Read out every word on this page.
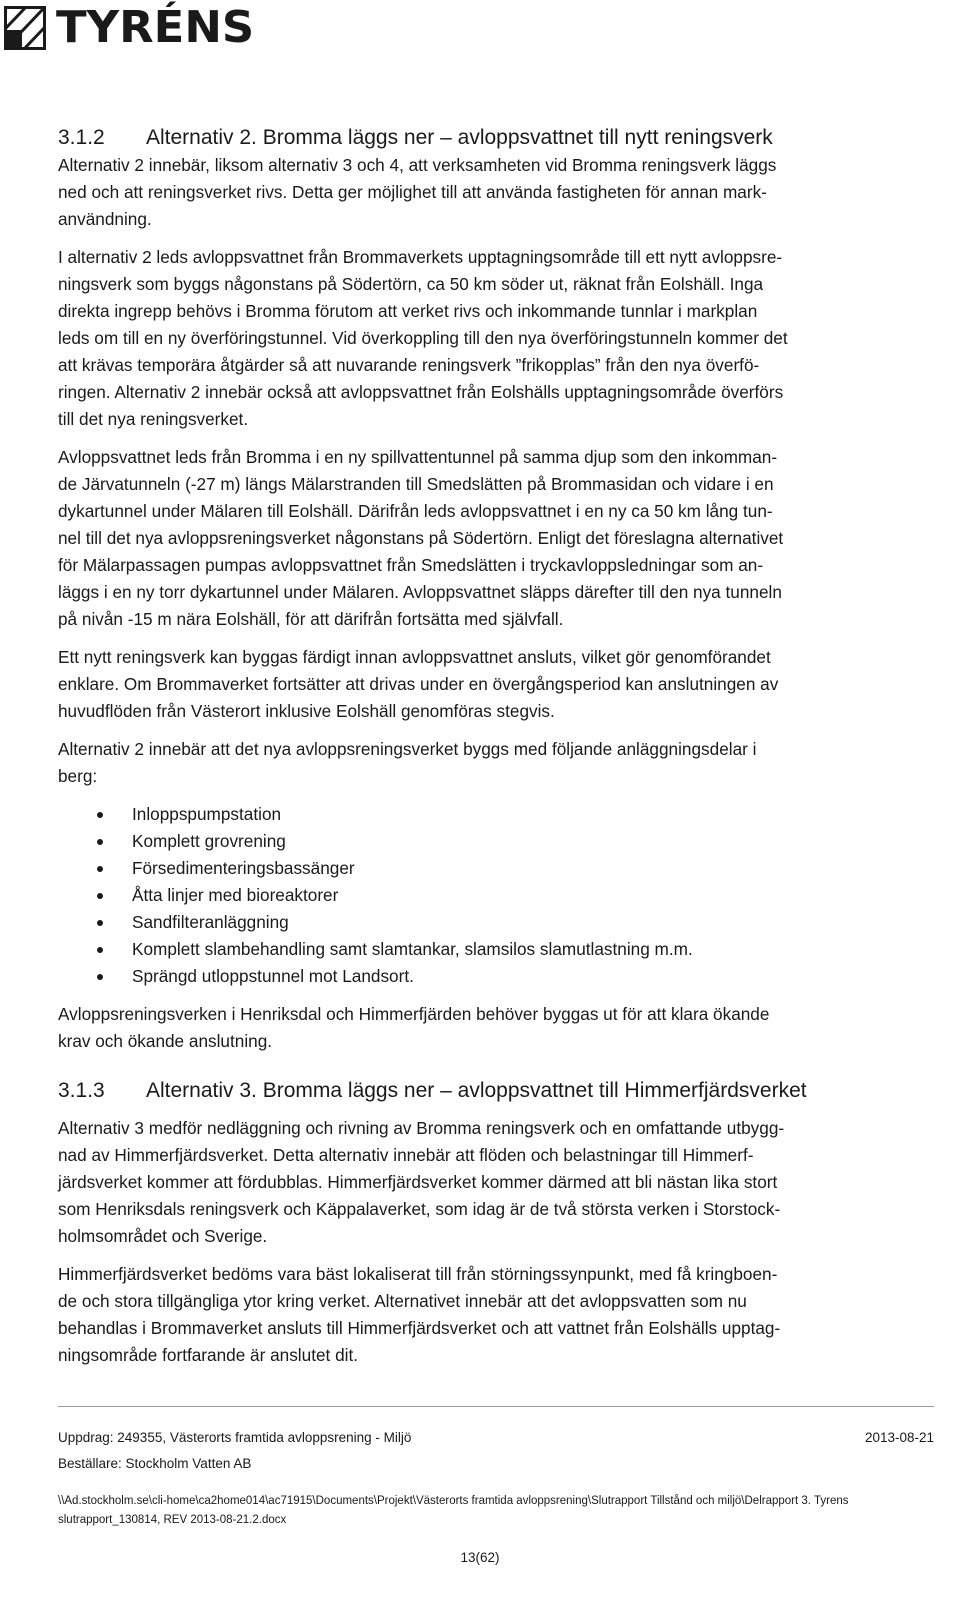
TYRÉNS
3.1.2 Alternativ 2. Bromma läggs ner – avloppsvattnet till nytt reningsverk

Alternativ 2 innebär, liksom alternativ 3 och 4, att verksamheten vid Bromma reningsverk läggs
ned och att reningsverket rivs. Detta ger möjlighet till att använda fastigheten för annan mark-
användning.

I alternativ 2 leds avloppsvattnet från Brommaverkets upptagningsområde till ett nytt avloppsre-
ningsverk som byggs någonstans på Södertörn, ca 50 km söder ut, räknat från Eolshäll. Inga
direkta ingrepp behövs i Bromma förutom att verket rivs och inkommande tunnlar i markplan
leds om till en ny överföringstunnel. Vid överkoppling till den nya överföringstunneln kommer det
att krävas temporära åtgärder så att nuvarande reningsverk ”frikopplas” från den nya överfö-
ringen. Alternativ 2 innebär också att avloppsvattnet från Eolshälls upptagningsområde överförs
till det nya reningsverket.

Avloppsvattnet leds från Bromma i en ny spillvattentunnel på samma djup som den inkomman-
de Järvatunneln (-27 m) längs Mälarstranden till Smedslätten på Brommasidan och vidare i en
dykartunnel under Mälaren till Eolshäll. Därifrån leds avloppsvattnet i en ny ca 50 km lång tun-
nel till det nya avloppsreningsverket någonstans på Södertörn. Enligt det föreslagna alternativet
för Mälarpassagen pumpas avloppsvattnet från Smedslätten i tryckavloppsledningar som an-
läggs i en ny torr dykartunnel under Mälaren. Avloppsvattnet släpps därefter till den nya tunneln
på nivån -15 m nära Eolshäll, för att därifrån fortsätta med självfall.

Ett nytt reningsverk kan byggas färdigt innan avloppsvattnet ansluts, vilket gör genomförandet
enklare. Om Brommaverket fortsätter att drivas under en övergångsperiod kan anslutningen av
huvudflöden från Västerort inklusive Eolshäll genomföras stegvis.

Alternativ 2 innebär att det nya avloppsreningsverket byggs med följande anläggningsdelar i
berg:

Inloppspumpstation
Komplett grovrening
Försedimenteringsbassänger
Åtta linjer med bioreaktorer
Sandfilteranläggning
Komplett slambehandling samt slamtankar, slamsilos slamutlastning m.m.
Sprängd utloppstunnel mot Landsort.

Avloppsreningsverken i Henriksdal och Himmerfjärden behöver byggas ut för att klara ökande
krav och ökande anslutning.

3.1.3 Alternativ 3. Bromma läggs ner – avloppsvattnet till Himmerfjärdsverket

Alternativ 3 medför nedläggning och rivning av Bromma reningsverk och en omfattande utbygg-
nad av Himmerfjärdsverket. Detta alternativ innebär att flöden och belastningar till Himmerf-
järdsverket kommer att fördubblas. Himmerfjärdsverket kommer därmed att bli nästan lika stort
som Henriksdals reningsverk och Käppalaverket, som idag är de två största verken i Storstock-
holmsområdet och Sverige.

Himmerfjärdsverket bedöms vara bäst lokaliserat till från störningssynpunkt, med få kringboen-
de och stora tillgängliga ytor kring verket. Alternativet innebär att det avloppsvatten som nu
behandlas i Brommaverket ansluts till Himmerfjärdsverket och att vattnet från Eolshälls upptag-
ningsområde fortfarande är anslutet dit.

Uppdrag: 249355, Västerorts framtida avloppsrening - Miljö	2013-08-21
Beställare: Stockholm Vatten AB
\\Ad.stockholm.se\cli-home\ca2home014\ac71915\Documents\Projekt\Västerorts framtida avloppsrening\Slutrapport Tillstånd och miljö\Delrapport 3. Tyrens
slutrapport_130814, REV 2013-08-21.2.docx
13(62)
